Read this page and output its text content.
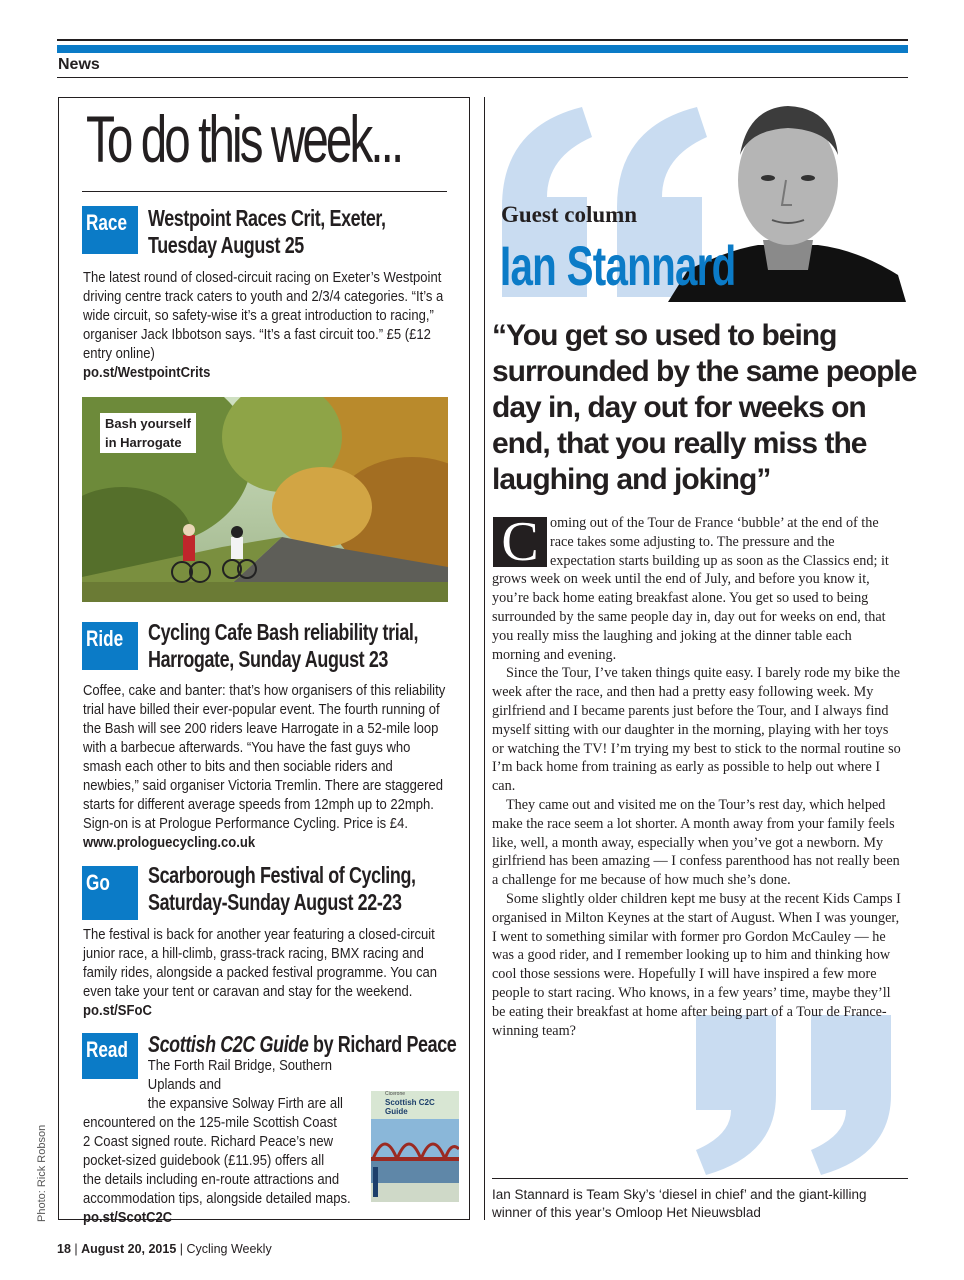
News
To do this week...
Race Westpoint Races Crit, Exeter,
Tuesday August 25
The latest round of closed-circuit racing on Exeter’s Westpoint driving centre track caters to youth and 2/3/4 categories. “It’s a wide circuit, so safety-wise it’s a great introduction to racing,” organiser Jack Ibbotson says. “It’s a fast circuit too.” £5 (£12 entry online)
po.st/WestpointCrits
Bash yourself
in Harrogate
Ride Cycling Cafe Bash reliability trial,
Harrogate, Sunday August 23
Coffee, cake and banter: that’s how organisers of this reliability trial have billed their ever-popular event. The fourth running of the Bash will see 200 riders leave Harrogate in a 52-mile loop with a barbecue afterwards. “You have the fast guys who smash each other to bits and then sociable riders and newbies,” said organiser Victoria Tremlin. There are staggered starts for different average speeds from 12mph up to 22mph. Sign-on is at Prologue Performance Cycling. Price is £4. www.prologuecycling.co.uk
Go Scarborough Festival of Cycling,
Saturday-Sunday August 22-23
The festival is back for another year featuring a closed-circuit junior race, a hill-climb, grass-track racing, BMX racing and family rides, alongside a packed festival programme. You can even take your tent or caravan and stay for the weekend.
po.st/SFoC
Read Scottish C2C Guide by Richard Peace
The Forth Rail Bridge, Southern Uplands and
the expansive Solway Firth are all
encountered on the 125-mile Scottish Coast
2 Coast signed route. Richard Peace’s new
pocket-sized guidebook (£11.95) offers all
the details including en-route attractions and
accommodation tips, alongside detailed maps.
po.st/ScotC2C
Scottish C2C Guide
Cicerone
Photo: Rick Robson
Guest column
Ian Stannard
“You get so used to being surrounded by the same people day in, day out for weeks on end, that you really miss the laughing and joking”
C oming out of the Tour de France ‘bubble’ at the end of the race takes some adjusting to. The pressure and the expectation starts building up as soon as the Classics end; it grows week on week until the end of July, and before you know it, you’re back home eating breakfast alone. You get so used to being surrounded by the same people day in, day out for weeks on end, that you really miss the laughing and joking at the dinner table each morning and evening.

Since the Tour, I’ve taken things quite easy. I barely rode my bike the week after the race, and then had a pretty easy following week. My girlfriend and I became parents just before the Tour, and I always find myself sitting with our daughter in the morning, playing with her toys or watching the TV! I’m trying my best to stick to the normal routine so I’m back home from training as early as possible to help out where I can.

They came out and visited me on the Tour’s rest day, which helped make the race seem a lot shorter. A month away from your family feels like, well, a month away, especially when you’ve got a newborn. My girlfriend has been amazing — I confess parenthood has not really been a challenge for me because of how much she’s done.

Some slightly older children kept me busy at the recent Kids Camps I organised in Milton Keynes at the start of August. When I was younger, I went to something similar with former pro Gordon McCauley — he was a good rider, and I remember looking up to him and thinking how cool those sessions were. Hopefully I will have inspired a few more people to start racing. Who knows, in a few years’ time, maybe they’ll be eating their breakfast at home after being part of a Tour de France-winning team?

Ian Stannard is Team Sky’s ‘diesel in chief’ and the giant-killing winner of this year’s Omloop Het Nieuwsblad
18 | August 20, 2015 | Cycling Weekly
